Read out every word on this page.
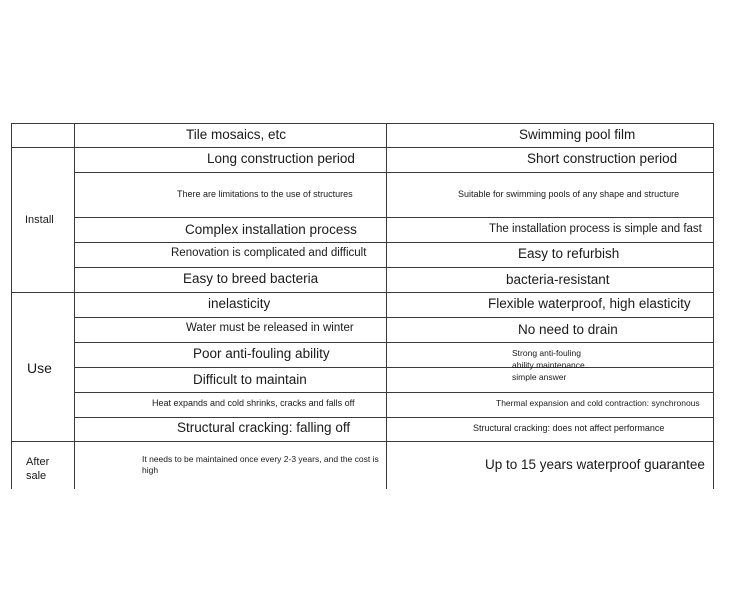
Tile mosaics, etc	Swimming pool film
Install
Use
After sale
Long construction period
There are limitations to the use of structures
Complex installation process
Renovation is complicated and difficult
Easy to breed bacteria
inelasticity
Water must be released in winter
Poor anti-fouling ability
Difficult to maintain
Heat expands and cold shrinks, cracks and falls off
Structural cracking: falling off
It needs to be maintained once every 2-3 years, and the cost is
high
Short construction period
Suitable for swimming pools of any shape and structure
The installation process is simple and fast
Easy to refurbish
bacteria-resistant
Flexible waterproof, high elasticity
No need to drain
Strong anti-fouling
ability maintenance
simple answer
Thermal expansion and cold contraction: synchronous
Structural cracking: does not affect performance
Up to 15 years waterproof guarantee
